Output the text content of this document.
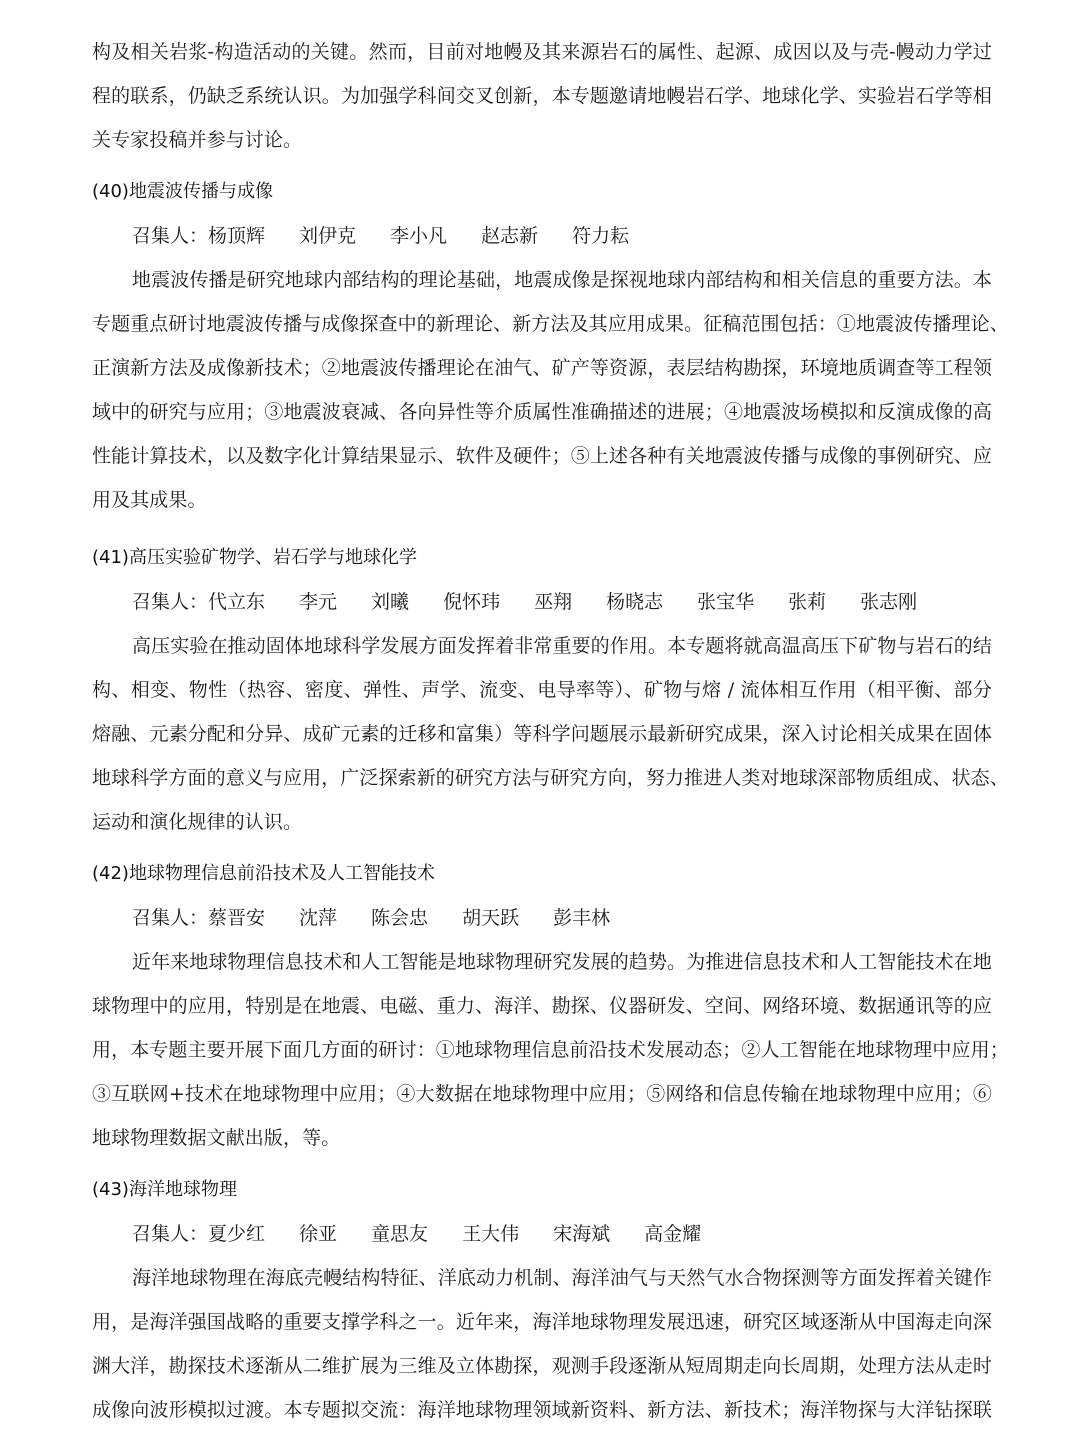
构及相关岩浆-构造活动的关键。然而，目前对地幔及其来源岩石的属性、起源、成因以及与壳-幔动力学过
程的联系，仍缺乏系统认识。为加强学科间交叉创新，本专题邀请地幔岩石学、地球化学、实验岩石学等相
关专家投稿并参与讨论。
(40)地震波传播与成像
召集人：杨顶辉 刘伊克 李小凡 赵志新 符力耘
地震波传播是研究地球内部结构的理论基础，地震成像是探视地球内部结构和相关信息的重要方法。本
专题重点研讨地震波传播与成像探查中的新理论、新方法及其应用成果。征稿范围包括：①地震波传播理论、
正演新方法及成像新技术；②地震波传播理论在油气、矿产等资源，表层结构勘探，环境地质调查等工程领
域中的研究与应用；③地震波衰减、各向异性等介质属性准确描述的进展；④地震波场模拟和反演成像的高
性能计算技术，以及数字化计算结果显示、软件及硬件；⑤上述各种有关地震波传播与成像的事例研究、应
用及其成果。
(41)高压实验矿物学、岩石学与地球化学
召集人：代立东 李元 刘曦 倪怀玮 巫翔 杨晓志 张宝华 张莉 张志刚
高压实验在推动固体地球科学发展方面发挥着非常重要的作用。本专题将就高温高压下矿物与岩石的结
构、相变、物性（热容、密度、弹性、声学、流变、电导率等）、矿物与熔 / 流体相互作用（相平衡、部分
熔融、元素分配和分异、成矿元素的迁移和富集）等科学问题展示最新研究成果，深入讨论相关成果在固体
地球科学方面的意义与应用，广泛探索新的研究方法与研究方向，努力推进人类对地球深部物质组成、状态、
运动和演化规律的认识。
(42)地球物理信息前沿技术及人工智能技术
召集人：蔡晋安 沈萍 陈会忠 胡天跃 彭丰林
近年来地球物理信息技术和人工智能是地球物理研究发展的趋势。为推进信息技术和人工智能技术在地
球物理中的应用，特别是在地震、电磁、重力、海洋、勘探、仪器研发、空间、网络环境、数据通讯等的应
用，本专题主要开展下面几方面的研讨：①地球物理信息前沿技术发展动态；②人工智能在地球物理中应用；
③互联网+技术在地球物理中应用；④大数据在地球物理中应用；⑤网络和信息传输在地球物理中应用；⑥
地球物理数据文献出版，等。
(43)海洋地球物理
召集人：夏少红 徐亚 童思友 王大伟 宋海斌 高金耀
海洋地球物理在海底壳幔结构特征、洋底动力机制、海洋油气与天然气水合物探测等方面发挥着关键作
用，是海洋强国战略的重要支撑学科之一。近年来，海洋地球物理发展迅速，研究区域逐渐从中国海走向深
渊大洋，勘探技术逐渐从二维扩展为三维及立体勘探，观测手段逐渐从短周期走向长周期，处理方法从走时
成像向波形模拟过渡。本专题拟交流：海洋地球物理领域新资料、新方法、新技术；海洋物探与大洋钻探联
